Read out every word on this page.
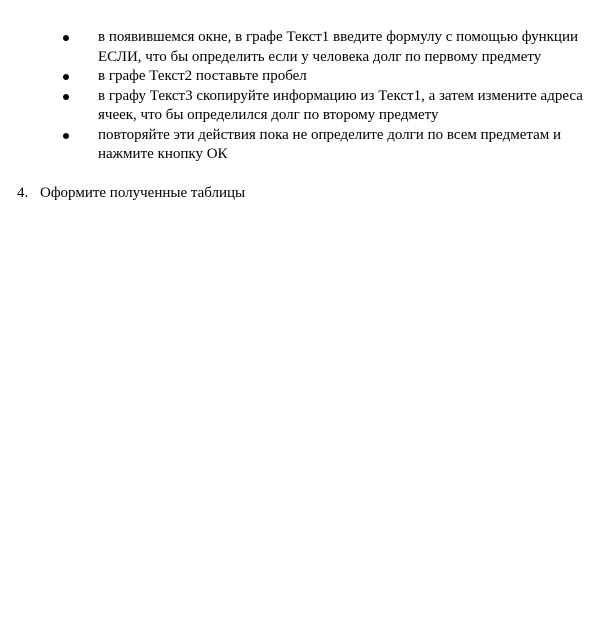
в появившемся окне, в графе Текст1 введите формулу с помощью функции ЕСЛИ, что бы определить если у человека долг по первому предмету
в графе Текст2 поставьте пробел
в графу Текст3 скопируйте информацию из Текст1, а затем измените адреса ячеек, что бы определился долг по второму предмету
повторяйте эти действия пока не определите долги по всем предметам и нажмите кнопку ОК
4. Оформите полученные таблицы
